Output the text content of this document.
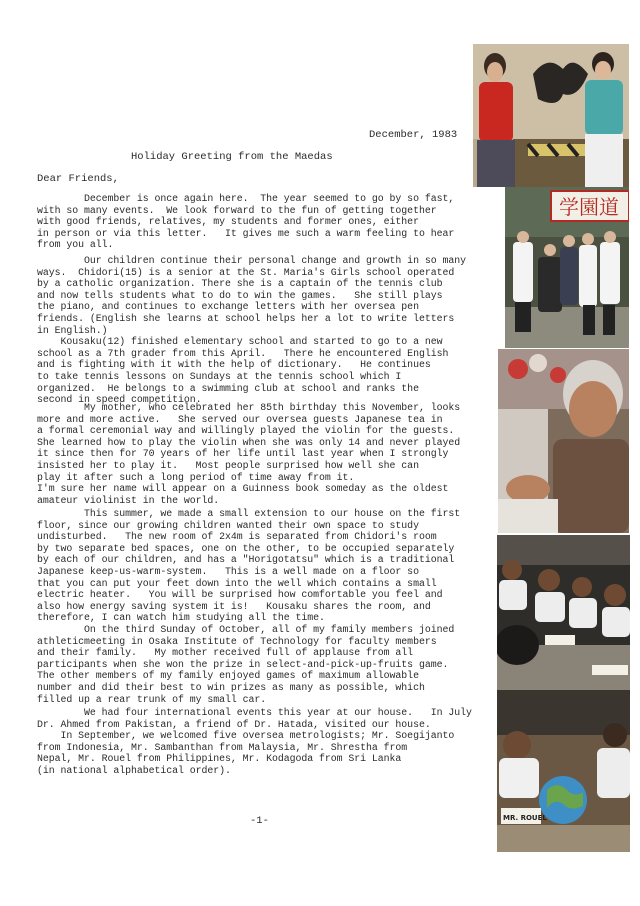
December, 1983
Holiday Greeting from the Maedas
Dear Friends,
December is once again here.  The year seemed to go by so fast,
with so many events.  We look forward to the fun of getting together
with good friends, relatives, my students and former ones, either
in person or via this letter.   It gives me such a warm feeling to hear
from you all.
Our children continue their personal change and growth in so many
ways.  Chidori(15) is a senior at the St. Maria's Girls school operated
by a catholic organization. There she is a captain of the tennis club
and now tells students what to do to win the games.   She still plays
the piano, and continues to exchange letters with her oversea pen
friends. (English she learns at school helps her a lot to write letters
in English.)
Kousaku(12) finished elementary school and started to go to a new
school as a 7th grader from this April.   There he encountered English
and is fighting with it with the help of dictionary.   He continues
to take tennis lessons on Sundays at the tennis school which I
organized.  He belongs to a swimming club at school and ranks the
second in speed competition.
My mother, who celebrated her 85th birthday this November, looks
more and more active.   She served our oversea guests Japanese tea in
a formal ceremonial way and willingly played the violin for the guests.
She learned how to play the violin when she was only 14 and never played
it since then for 70 years of her life until last year when I strongly
insisted her to play it.   Most people surprised how well she can
play it after such a long period of time away from it.
I'm sure her name will appear on a Guinness book someday as the oldest
amateur violinist in the world.
This summer, we made a small extension to our house on the first
floor, since our growing children wanted their own space to study
undisturbed.   The new room of 2x4m is separated from Chidori's room
by two separate bed spaces, one on the other, to be occupied separately
by each of our children, and has a "Horigotatsu" which is a traditional
Japanese keep-us-warm-system.   This is a well made on a floor so
that you can put your feet down into the well which contains a small
electric heater.   You will be surprised how comfortable you feel and
also how energy saving system it is!   Kousaku shares the room, and
therefore, I can watch him studying all the time.
On the third Sunday of October, all of my family members joined
athleticmeeting in Osaka Institute of Technology for faculty members
and their family.   My mother received full of applause from all
participants when she won the prize in select-and-pick-up-fruits game.
The other members of my family enjoyed games of maximum allowable
number and did their best to win prizes as many as possible, which
filled up a rear trunk of my small car.
We had four international events this year at our house.   In July
Dr. Ahmed from Pakistan, a friend of Dr. Hatada, visited our house.
In September, we welcomed five oversea metrologists; Mr. Soegijanto
from Indonesia, Mr. Sambanthan from Malaysia, Mr. Shrestha from
Nepal, Mr. Rouel from Philippines, Mr. Kodagoda from Sri Lanka
(in national alphabetical order).
-1-
学園道
MR. ROUEL
